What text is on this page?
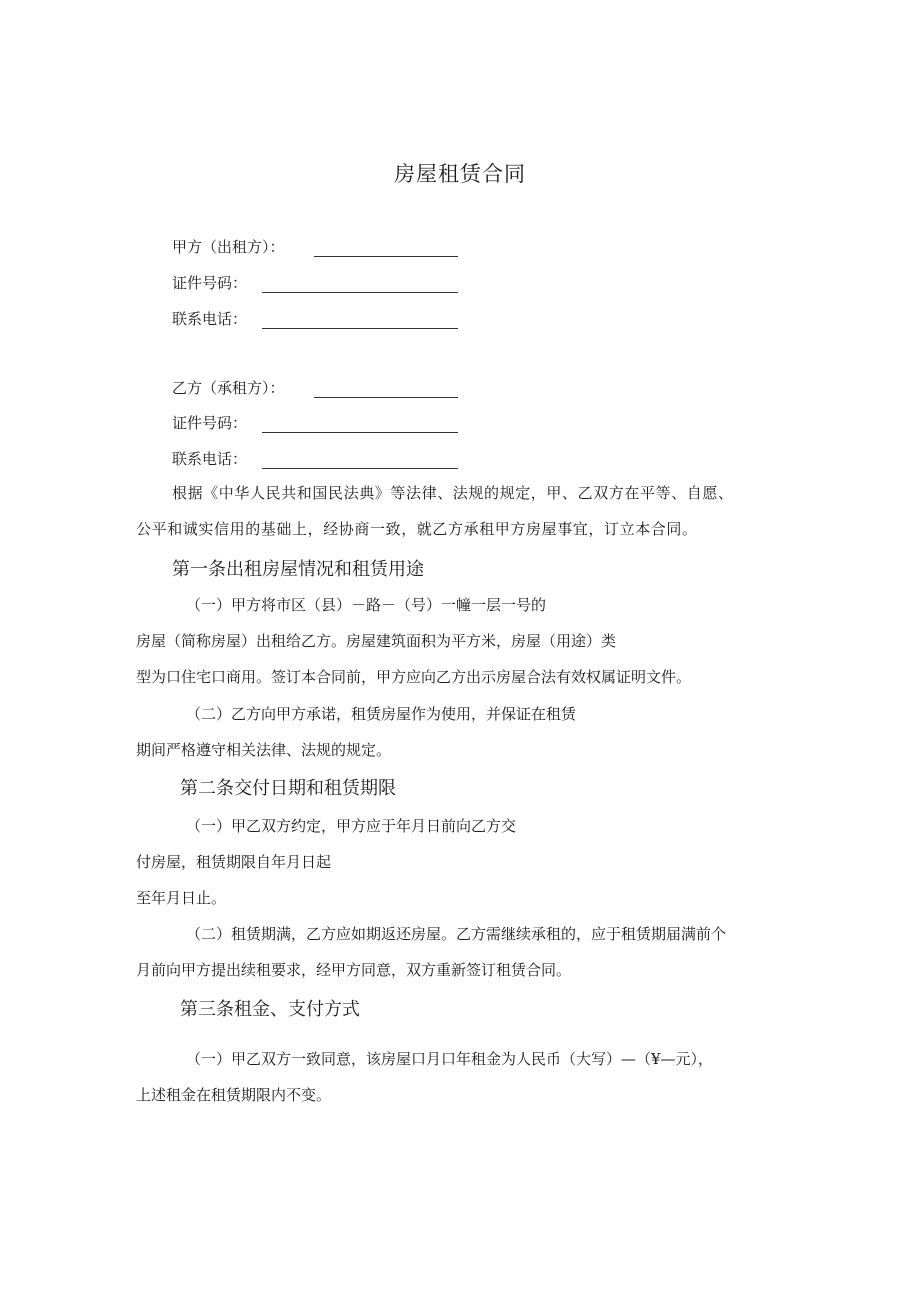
房屋租赁合同
甲方（出租方）：
证件号码：
联系电话：
乙方（承租方）：
证件号码：
联系电话：
根据《中华人民共和国民法典》等法律、法规的规定，甲、乙双方在平等、自愿、
公平和诚实信用的基础上，经协商一致，就乙方承租甲方房屋事宜，订立本合同。
第一条出租房屋情况和租赁用途
（一）甲方将市区（县）－路－（号）一幢一层一号的
房屋（简称房屋）出租给乙方。房屋建筑面积为平方米，房屋（用途）类
型为口住宅口商用。签订本合同前，甲方应向乙方出示房屋合法有效权属证明文件。
（二）乙方向甲方承诺，租赁房屋作为使用，并保证在租赁
期间严格遵守相关法律、法规的规定。
第二条交付日期和租赁期限
（一）甲乙双方约定，甲方应于年月日前向乙方交
付房屋，租赁期限自年月日起
至年月日止。
（二）租赁期满，乙方应如期返还房屋。乙方需继续承租的，应于租赁期届满前个
月前向甲方提出续租要求，经甲方同意，双方重新签订租赁合同。
第三条租金、支付方式
（一）甲乙双方一致同意，该房屋口月口年租金为人民币（大写）—（¥—元），
上述租金在租赁期限内不变。
